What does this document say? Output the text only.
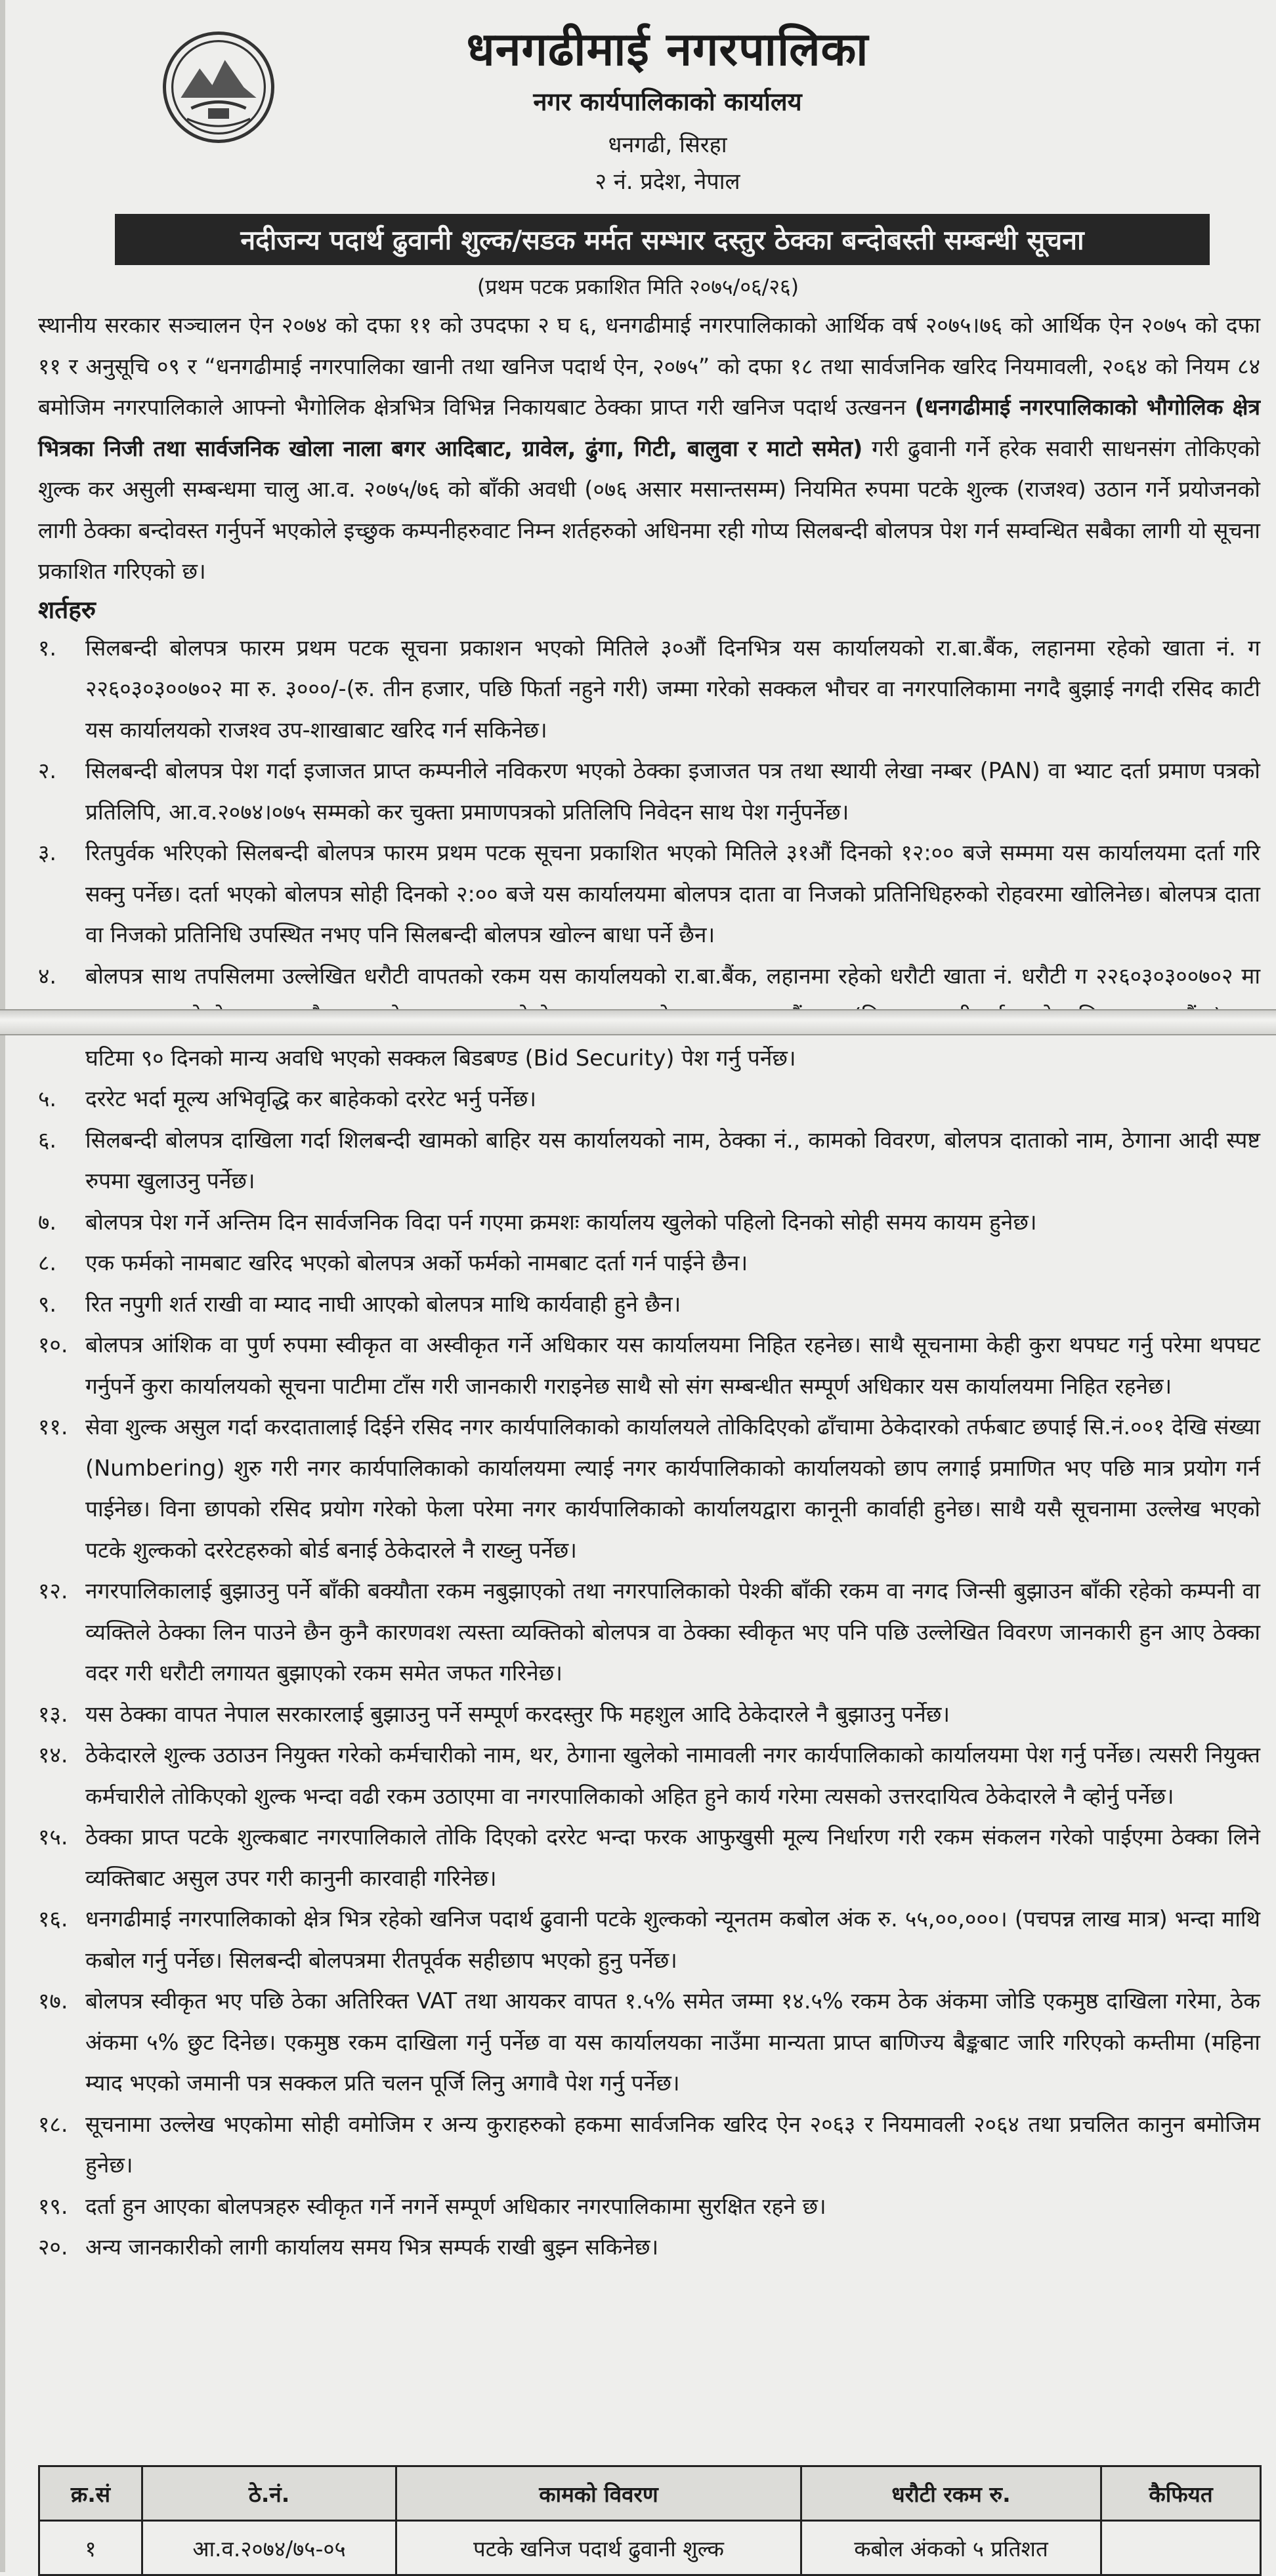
धनगढीमाई नगरपालिका
नगर कार्यपालिकाको कार्यालय
धनगढी, सिरहा
२ नं. प्रदेश, नेपाल
नदीजन्य पदार्थ ढुवानी शुल्क/सडक मर्मत सम्भार दस्तुर ठेक्का बन्दोबस्ती सम्बन्धी सूचना
(प्रथम पटक प्रकाशित मिति २०७५/०६/२६)
स्थानीय सरकार सञ्चालन ऐन २०७४ को दफा ११ को उपदफा २ घ ६, धनगढीमाई नगरपालिकाको आर्थिक वर्ष २०७५।७६ को आर्थिक ऐन २०७५ को दफा ११ र अनुसूचि ०९ र “धनगढीमाई नगरपालिका खानी तथा खनिज पदार्थ ऐन, २०७५” को दफा १८ तथा सार्वजनिक खरिद नियमावली, २०६४ को नियम ८४ बमोजिम नगरपालिकाले आफ्नो भैगोलिक क्षेत्रभित्र विभिन्न निकायबाट ठेक्का प्राप्त गरी खनिज पदार्थ उत्खनन (धनगढीमाई नगरपालिकाको भौगोलिक क्षेत्र भित्रका निजी तथा सार्वजनिक खोला नाला बगर आदिबाट, ग्रावेल, ढुंगा, गिटी, बालुवा र माटो समेत) गरी ढुवानी गर्ने हरेक सवारी साधनसंग तोकिएको शुल्क कर असुली सम्बन्धमा चालु आ.व. २०७५/७६ को बाँकी अवधी (०७६ असार मसान्तसम्म) नियमित रुपमा पटके शुल्क (राजश्व) उठान गर्ने प्रयोजनको लागी ठेक्का बन्दोवस्त गर्नुपर्ने भएकोले इच्छुक कम्पनीहरुवाट निम्न शर्तहरुको अधिनमा रही गोप्य सिलबन्दी बोलपत्र पेश गर्न सम्वन्धित सबैका लागी यो सूचना प्रकाशित गरिएको छ।
शर्तहरु
१.	सिलबन्दी बोलपत्र फारम प्रथम पटक सूचना प्रकाशन भएको मितिले ३०औं दिनभित्र यस कार्यालयको रा.बा.बैंक, लहानमा रहेको खाता नं. ग २२६०३०३००७०२ मा रु. ३०००/-(रु. तीन हजार, पछि फिर्ता नहुने गरी) जम्मा गरेको सक्कल भौचर वा नगरपालिकामा नगदै बुझाई नगदी रसिद काटी यस कार्यालयको राजश्व उप-शाखाबाट खरिद गर्न सकिनेछ।
२.	सिलबन्दी बोलपत्र पेश गर्दा इजाजत प्राप्त कम्पनीले नविकरण भएको ठेक्का इजाजत पत्र तथा स्थायी लेखा नम्बर (PAN) वा भ्याट दर्ता प्रमाण पत्रको प्रतिलिपि, आ.व.२०७४।०७५ सम्मको कर चुक्ता प्रमाणपत्रको प्रतिलिपि निवेदन साथ पेश गर्नुपर्नेछ।
३.	रितपुर्वक भरिएको सिलबन्दी बोलपत्र फारम प्रथम पटक सूचना प्रकाशित भएको मितिले ३१औं दिनको १२:०० बजे सम्ममा यस कार्यालयमा दर्ता गरि सक्नु पर्नेछ। दर्ता भएको बोलपत्र सोही दिनको २:०० बजे यस कार्यालयमा बोलपत्र दाता वा निजको प्रतिनिधिहरुको रोहवरमा खोलिनेछ। बोलपत्र दाता वा निजको प्रतिनिधि उपस्थित नभए पनि सिलबन्दी बोलपत्र खोल्न बाधा पर्ने छैन।
४.	बोलपत्र साथ तपसिलमा उल्लेखित धरौटी वापतको रकम यस कार्यालयको रा.बा.बैंक, लहानमा रहेको धरौटी खाता नं. धरौटी ग २२६०३०३००७०२ मा घटिमा ९० दिनको मान्य अवधि भएको सक्कल बिडबण्ड (Bid Security) पेश गर्नु पर्नेछ।
५.	दररेट भर्दा मूल्य अभिवृद्धि कर बाहेकको दररेट भर्नु पर्नेछ।
६.	सिलबन्दी बोलपत्र दाखिला गर्दा शिलबन्दी खामको बाहिर यस कार्यालयको नाम, ठेक्का नं., कामको विवरण, बोलपत्र दाताको नाम, ठेगाना आदी स्पष्ट रुपमा खुलाउनु पर्नेछ।
७.	बोलपत्र पेश गर्ने अन्तिम दिन सार्वजनिक विदा पर्न गएमा क्रमशः कार्यालय खुलेको पहिलो दिनको सोही समय कायम हुनेछ।
८.	एक फर्मको नामबाट खरिद भएको बोलपत्र अर्को फर्मको नामबाट दर्ता गर्न पाईने छैन।
९.	रित नपुगी शर्त राखी वा म्याद नाघी आएको बोलपत्र माथि कार्यवाही हुने छैन।
१०. बोलपत्र आंशिक वा पुर्ण रुपमा स्वीकृत वा अस्वीकृत गर्ने अधिकार यस कार्यालयमा निहित रहनेछ। साथै सूचनामा केही कुरा थपघट गर्नु परेमा थपघट गर्नुपर्ने कुरा कार्यालयको सूचना पाटीमा टाँस गरी जानकारी गराइनेछ साथै सो संग सम्बन्धीत सम्पूर्ण अधिकार यस कार्यालयमा निहित रहनेछ।
११. सेवा शुल्क असुल गर्दा करदातालाई दिईने रसिद नगर कार्यपालिकाको कार्यालयले तोकिदिएको ढाँचामा ठेकेदारको तर्फबाट छपाई सि.नं.००१ देखि संख्या (Numbering) शुरु गरी नगर कार्यपालिकाको कार्यालयमा ल्याई नगर कार्यपालिकाको कार्यालयको छाप लगाई प्रमाणित भए पछि मात्र प्रयोग गर्न पाईनेछ। विना छापको रसिद प्रयोग गरेको फेला परेमा नगर कार्यपालिकाको कार्यालयद्वारा कानूनी कार्वाही हुनेछ। साथै यसै सूचनामा उल्लेख भएको पटके शुल्कको दररेटहरुको बोर्ड बनाई ठेकेदारले नै राख्नु पर्नेछ।
१२. नगरपालिकालाई बुझाउनु पर्ने बाँकी बक्यौता रकम नबुझाएको तथा नगरपालिकाको पेश्की बाँकी रकम वा नगद जिन्सी बुझाउन बाँकी रहेको कम्पनी वा व्यक्तिले ठेक्का लिन पाउने छैन कुनै कारणवश त्यस्ता व्यक्तिको बोलपत्र वा ठेक्का स्वीकृत भए पनि पछि उल्लेखित विवरण जानकारी हुन आए ठेक्का वदर गरी धरौटी लगायत बुझाएको रकम समेत जफत गरिनेछ।
१३. यस ठेक्का वापत नेपाल सरकारलाई बुझाउनु पर्ने सम्पूर्ण करदस्तुर फि महशुल आदि ठेकेदारले नै बुझाउनु पर्नेछ।
१४. ठेकेदारले शुल्क उठाउन नियुक्त गरेको कर्मचारीको नाम, थर, ठेगाना खुलेको नामावली नगर कार्यपालिकाको कार्यालयमा पेश गर्नु पर्नेछ। त्यसरी नियुक्त कर्मचारीले तोकिएको शुल्क भन्दा वढी रकम उठाएमा वा नगरपालिकाको अहित हुने कार्य गरेमा त्यसको उत्तरदायित्व ठेकेदारले नै व्होर्नु पर्नेछ।
१५. ठेक्का प्राप्त पटके शुल्कबाट नगरपालिकाले तोकि दिएको दररेट भन्दा फरक आफुखुसी मूल्य निर्धारण गरी रकम संकलन गरेको पाईएमा ठेक्का लिने व्यक्तिबाट असुल उपर गरी कानुनी कारवाही गरिनेछ।
१६. धनगढीमाई नगरपालिकाको क्षेत्र भित्र रहेको खनिज पदार्थ ढुवानी पटके शुल्कको न्यूनतम कबोल अंक रु. ५५,००,०००। (पचपन्न लाख मात्र) भन्दा माथि कबोल गर्नु पर्नेछ। सिलबन्दी बोलपत्रमा रीतपूर्वक सहीछाप भएको हुनु पर्नेछ।
१७. बोलपत्र स्वीकृत भए पछि ठेका अतिरिक्त VAT तथा आयकर वापत १.५% समेत जम्मा १४.५% रकम ठेक अंकमा जोडि एकमुष्ठ दाखिला गरेमा, ठेक अंकमा ५% छुट दिनेछ। एकमुष्ठ रकम दाखिला गर्नु पर्नेछ वा यस कार्यालयका नाउँमा मान्यता प्राप्त बाणिज्य बैङ्कबाट जारि गरिएको कम्तीमा (महिना म्याद भएको जमानी पत्र सक्कल प्रति चलन पूर्जि लिनु अगावै पेश गर्नु पर्नेछ।
१८. सूचनामा उल्लेख भएकोमा सोही वमोजिम र अन्य कुराहरुको हकमा सार्वजनिक खरिद ऐन २०६३ र नियमावली २०६४ तथा प्रचलित कानुन बमोजिम हुनेछ।
१९. दर्ता हुन आएका बोलपत्रहरु स्वीकृत गर्ने नगर्ने सम्पूर्ण अधिकार नगरपालिकामा सुरक्षित रहने छ।
२०. अन्य जानकारीको लागी कार्यालय समय भित्र सम्पर्क राखी बुझ्न सकिनेछ।
क्र.सं	ठे.नं.	कामको विवरण	धरौटी रकम रु.	कैफियत
१	आ.व.२०७४/७५-०५	पटके खनिज पदार्थ ढुवानी शुल्क	कबोल अंकको ५ प्रतिशत	
